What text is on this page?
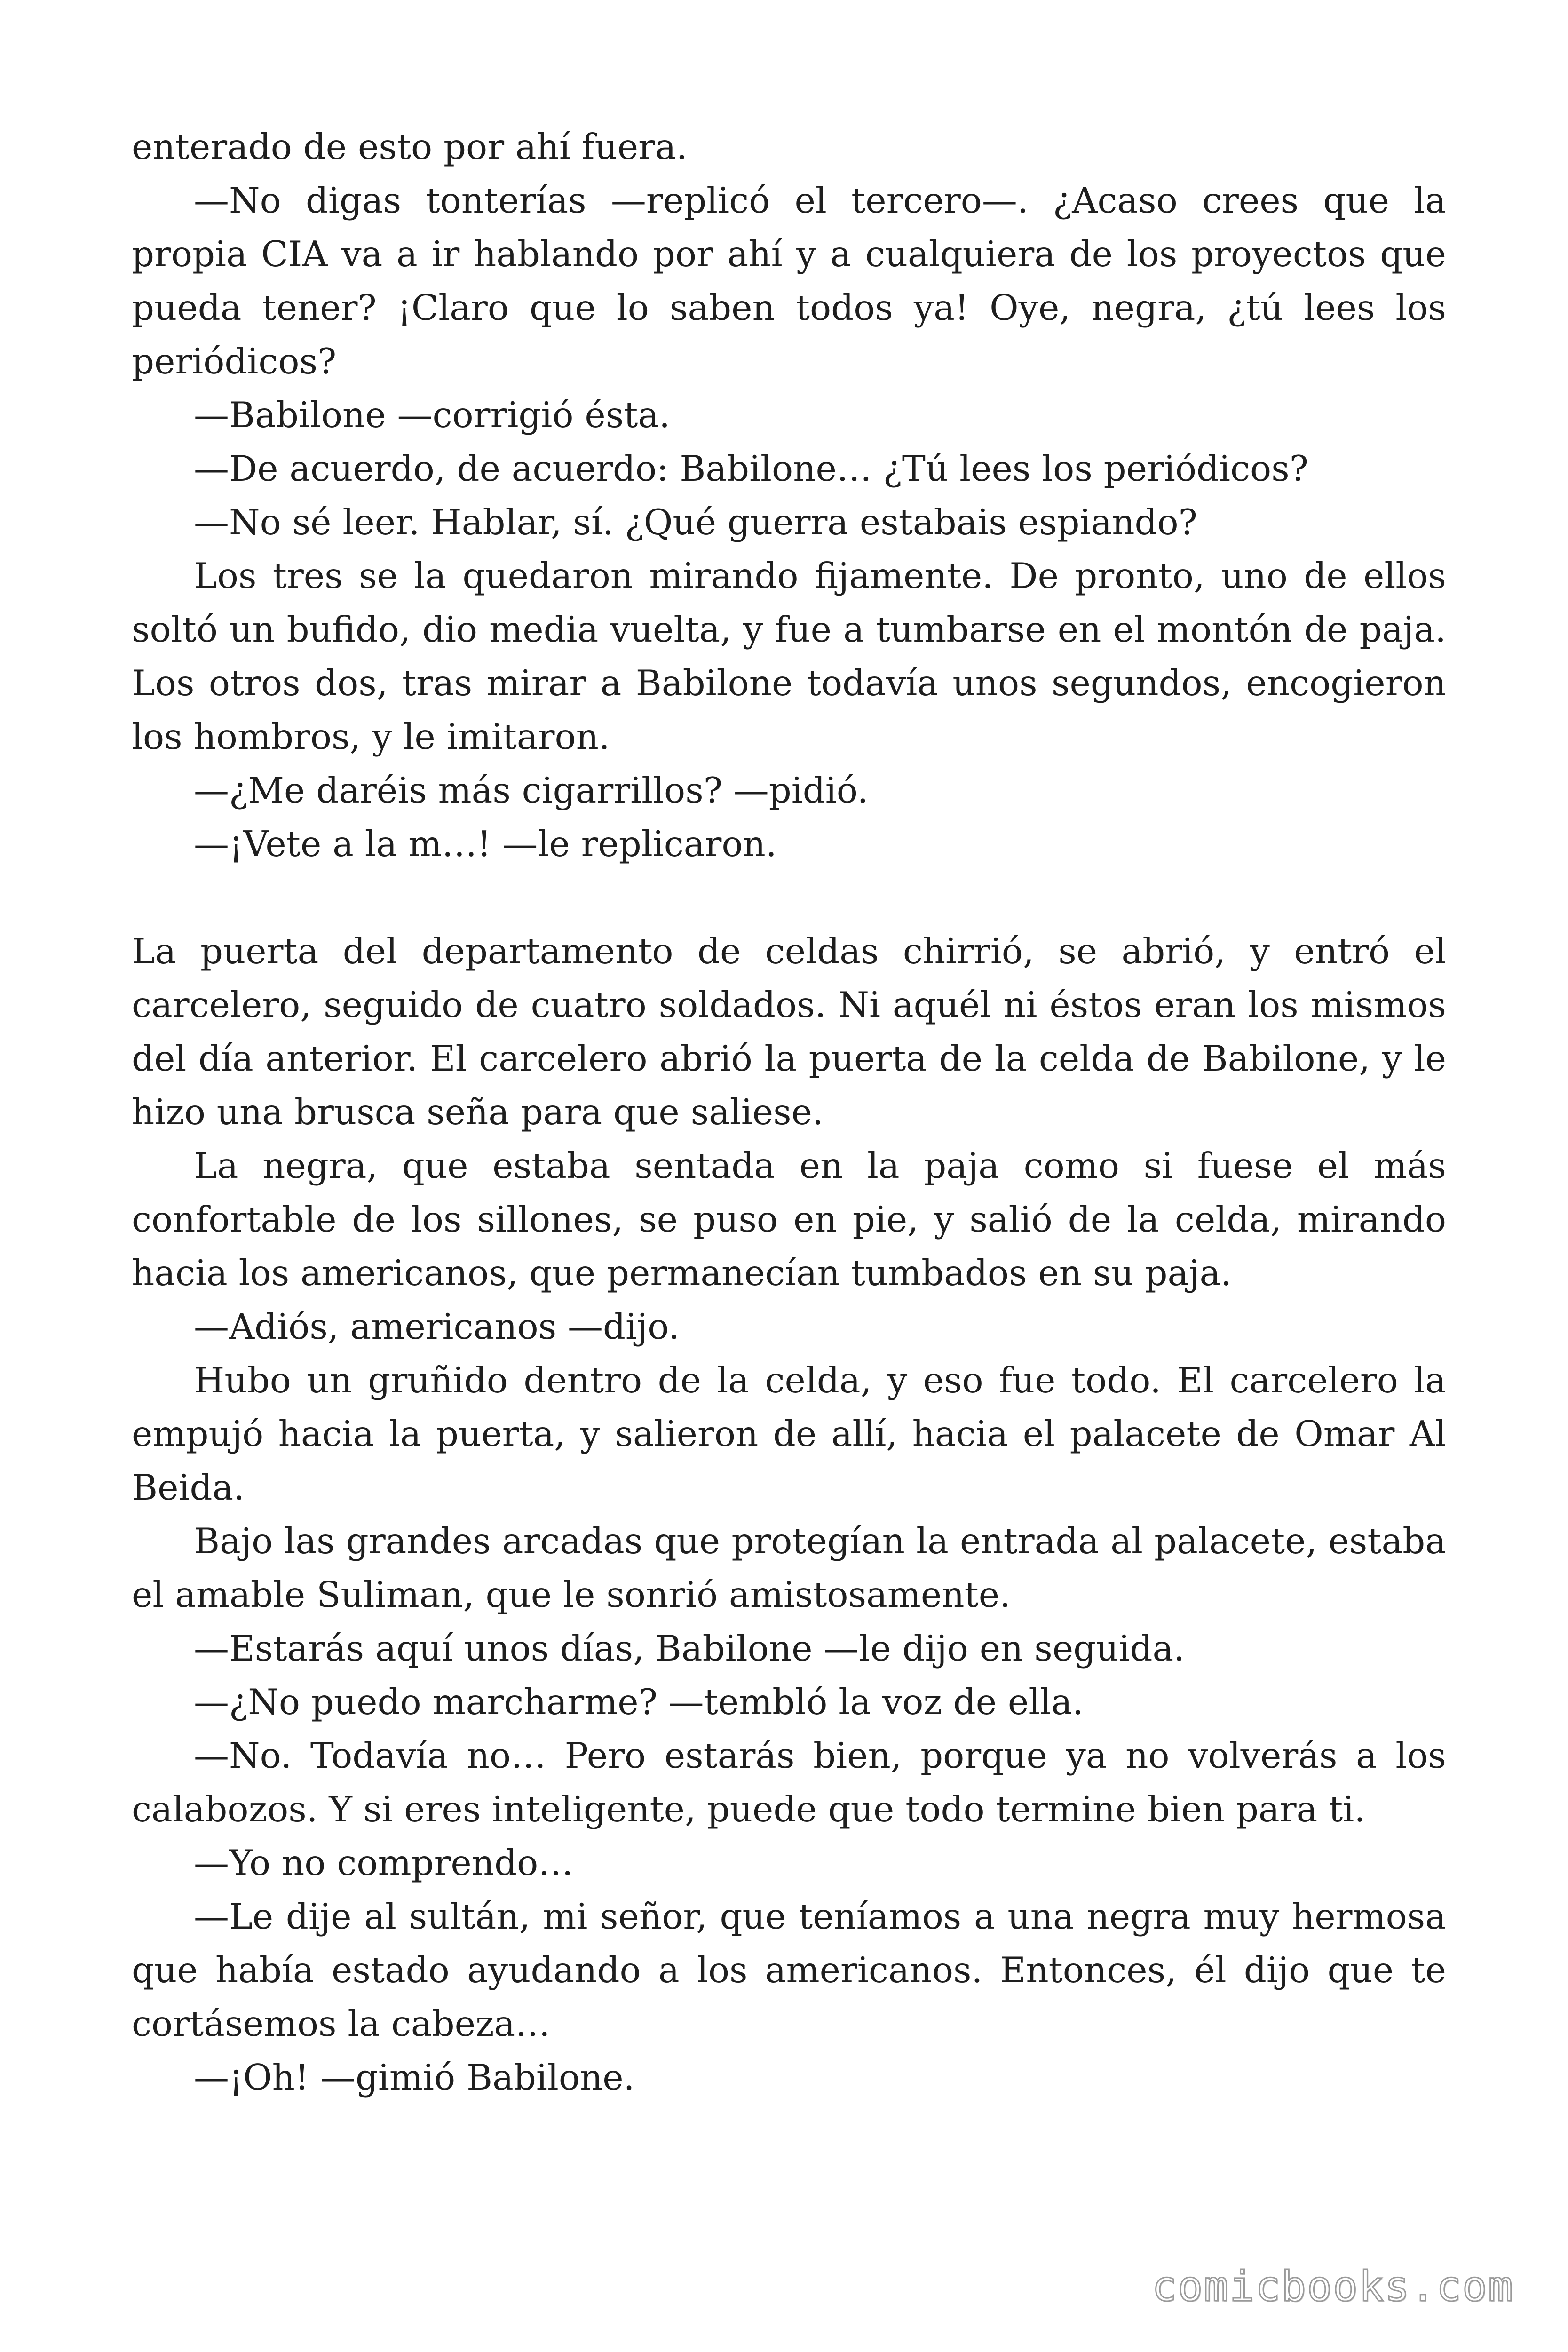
enterado de esto por ahí fuera.

—No digas tonterías —replicó el tercero—. ¿Acaso crees que la propia CIA va a ir hablando por ahí y a cualquiera de los proyectos que pueda tener? ¡Claro que lo saben todos ya! Oye, negra, ¿tú lees los periódicos?

—Babilone —corrigió ésta.

—De acuerdo, de acuerdo: Babilone… ¿Tú lees los periódicos?

—No sé leer. Hablar, sí. ¿Qué guerra estabais espiando?

Los tres se la quedaron mirando fijamente. De pronto, uno de ellos soltó un bufido, dio media vuelta, y fue a tumbarse en el montón de paja. Los otros dos, tras mirar a Babilone todavía unos segundos, encogieron los hombros, y le imitaron.

—¿Me daréis más cigarrillos? —pidió.

—¡Vete a la m…! —le replicaron.

La puerta del departamento de celdas chirrió, se abrió, y entró el carcelero, seguido de cuatro soldados. Ni aquél ni éstos eran los mismos del día anterior. El carcelero abrió la puerta de la celda de Babilone, y le hizo una brusca seña para que saliese.

La negra, que estaba sentada en la paja como si fuese el más confortable de los sillones, se puso en pie, y salió de la celda, mirando hacia los americanos, que permanecían tumbados en su paja.

—Adiós, americanos —dijo.

Hubo un gruñido dentro de la celda, y eso fue todo. El carcelero la empujó hacia la puerta, y salieron de allí, hacia el palacete de Omar Al Beida.

Bajo las grandes arcadas que protegían la entrada al palacete, estaba el amable Suliman, que le sonrió amistosamente.

—Estarás aquí unos días, Babilone —le dijo en seguida.

—¿No puedo marcharme? —tembló la voz de ella.

—No. Todavía no… Pero estarás bien, porque ya no volverás a los calabozos. Y si eres inteligente, puede que todo termine bien para ti.

—Yo no comprendo…

—Le dije al sultán, mi señor, que teníamos a una negra muy hermosa que había estado ayudando a los americanos. Entonces, él dijo que te cortásemos la cabeza…

—¡Oh! —gimió Babilone.

comicbooks.com
